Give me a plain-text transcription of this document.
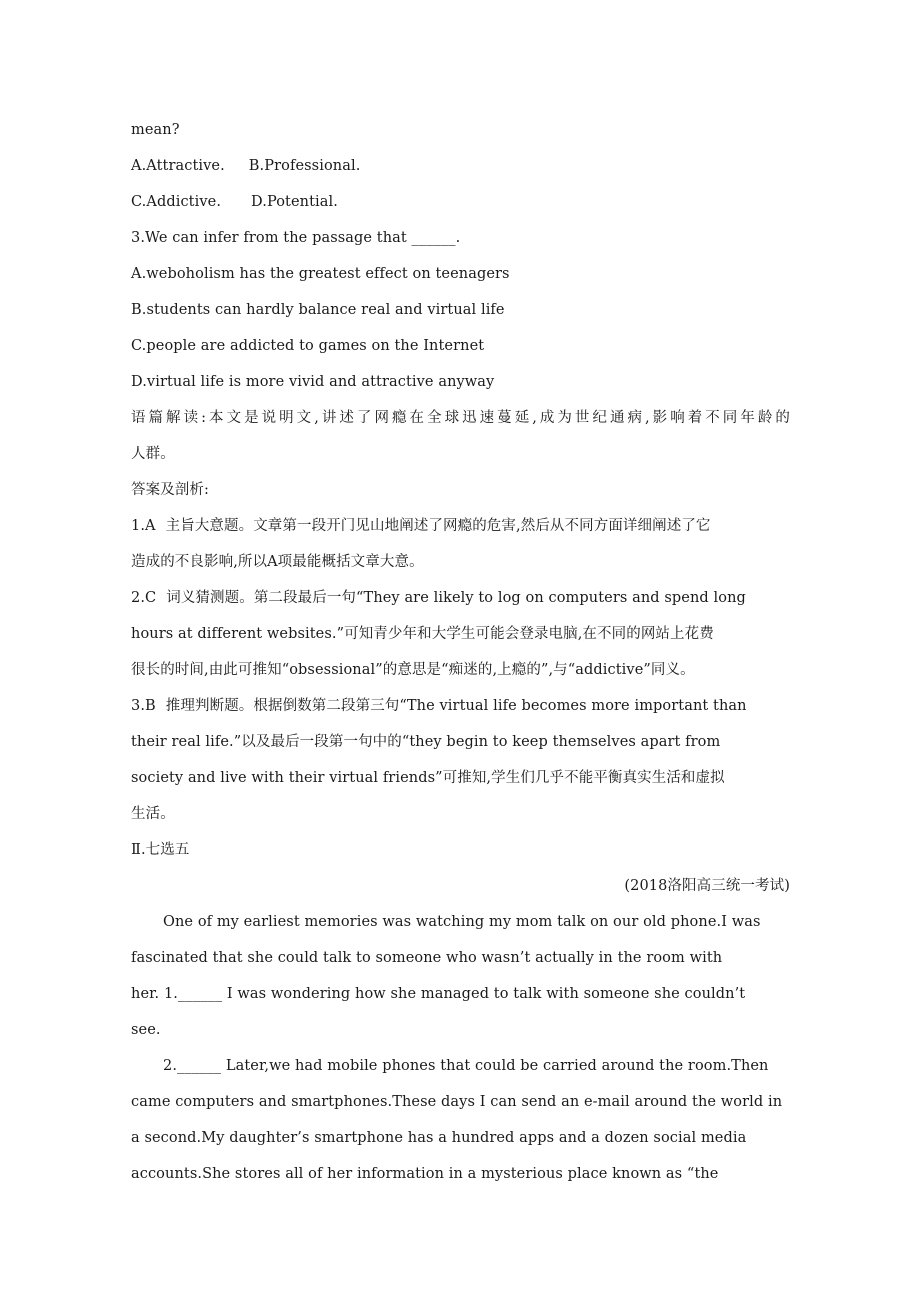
mean?
A.Attractive. B.Professional.
C.Addictive. D.Potential.
3.We can infer from the passage that ______.
A.weboholism has the greatest effect on teenagers
B.students can hardly balance real and virtual life
C.people are addicted to games on the Internet
D.virtual life is more vivid and attractive anyway
语篇解读:本文是说明文,讲述了网瘾在全球迅速蔓延,成为世纪通病,影响着不同年龄的
人群。
答案及剖析:
1.A 主旨大意题。文章第一段开门见山地阐述了网瘾的危害,然后从不同方面详细阐述了它
造成的不良影响,所以A项最能概括文章大意。
2.C 词义猜测题。第二段最后一句“They are likely to log on computers and spend long
hours at different websites.”可知青少年和大学生可能会登录电脑,在不同的网站上花费
很长的时间,由此可推知“obsessional”的意思是“痴迷的,上瘾的”,与“addictive”同义。
3.B 推理判断题。根据倒数第二段第三句“The virtual life becomes more important than
their real life.”以及最后一段第一句中的“they begin to keep themselves apart from
society and live with their virtual friends”可推知,学生们几乎不能平衡真实生活和虚拟
生活。
Ⅱ.七选五
(2018洛阳高三统一考试)
One of my earliest memories was watching my mom talk on our old phone.I was
fascinated that she could talk to someone who wasn’t actually in the room with
her. 1.______ I was wondering how she managed to talk with someone she couldn’t
see.
2.______ Later,we had mobile phones that could be carried around the room.Then
came computers and smartphones.These days I can send an e-mail around the world in
a second.My daughter’s smartphone has a hundred apps and a dozen social media
accounts.She stores all of her information in a mysterious place known as “the
